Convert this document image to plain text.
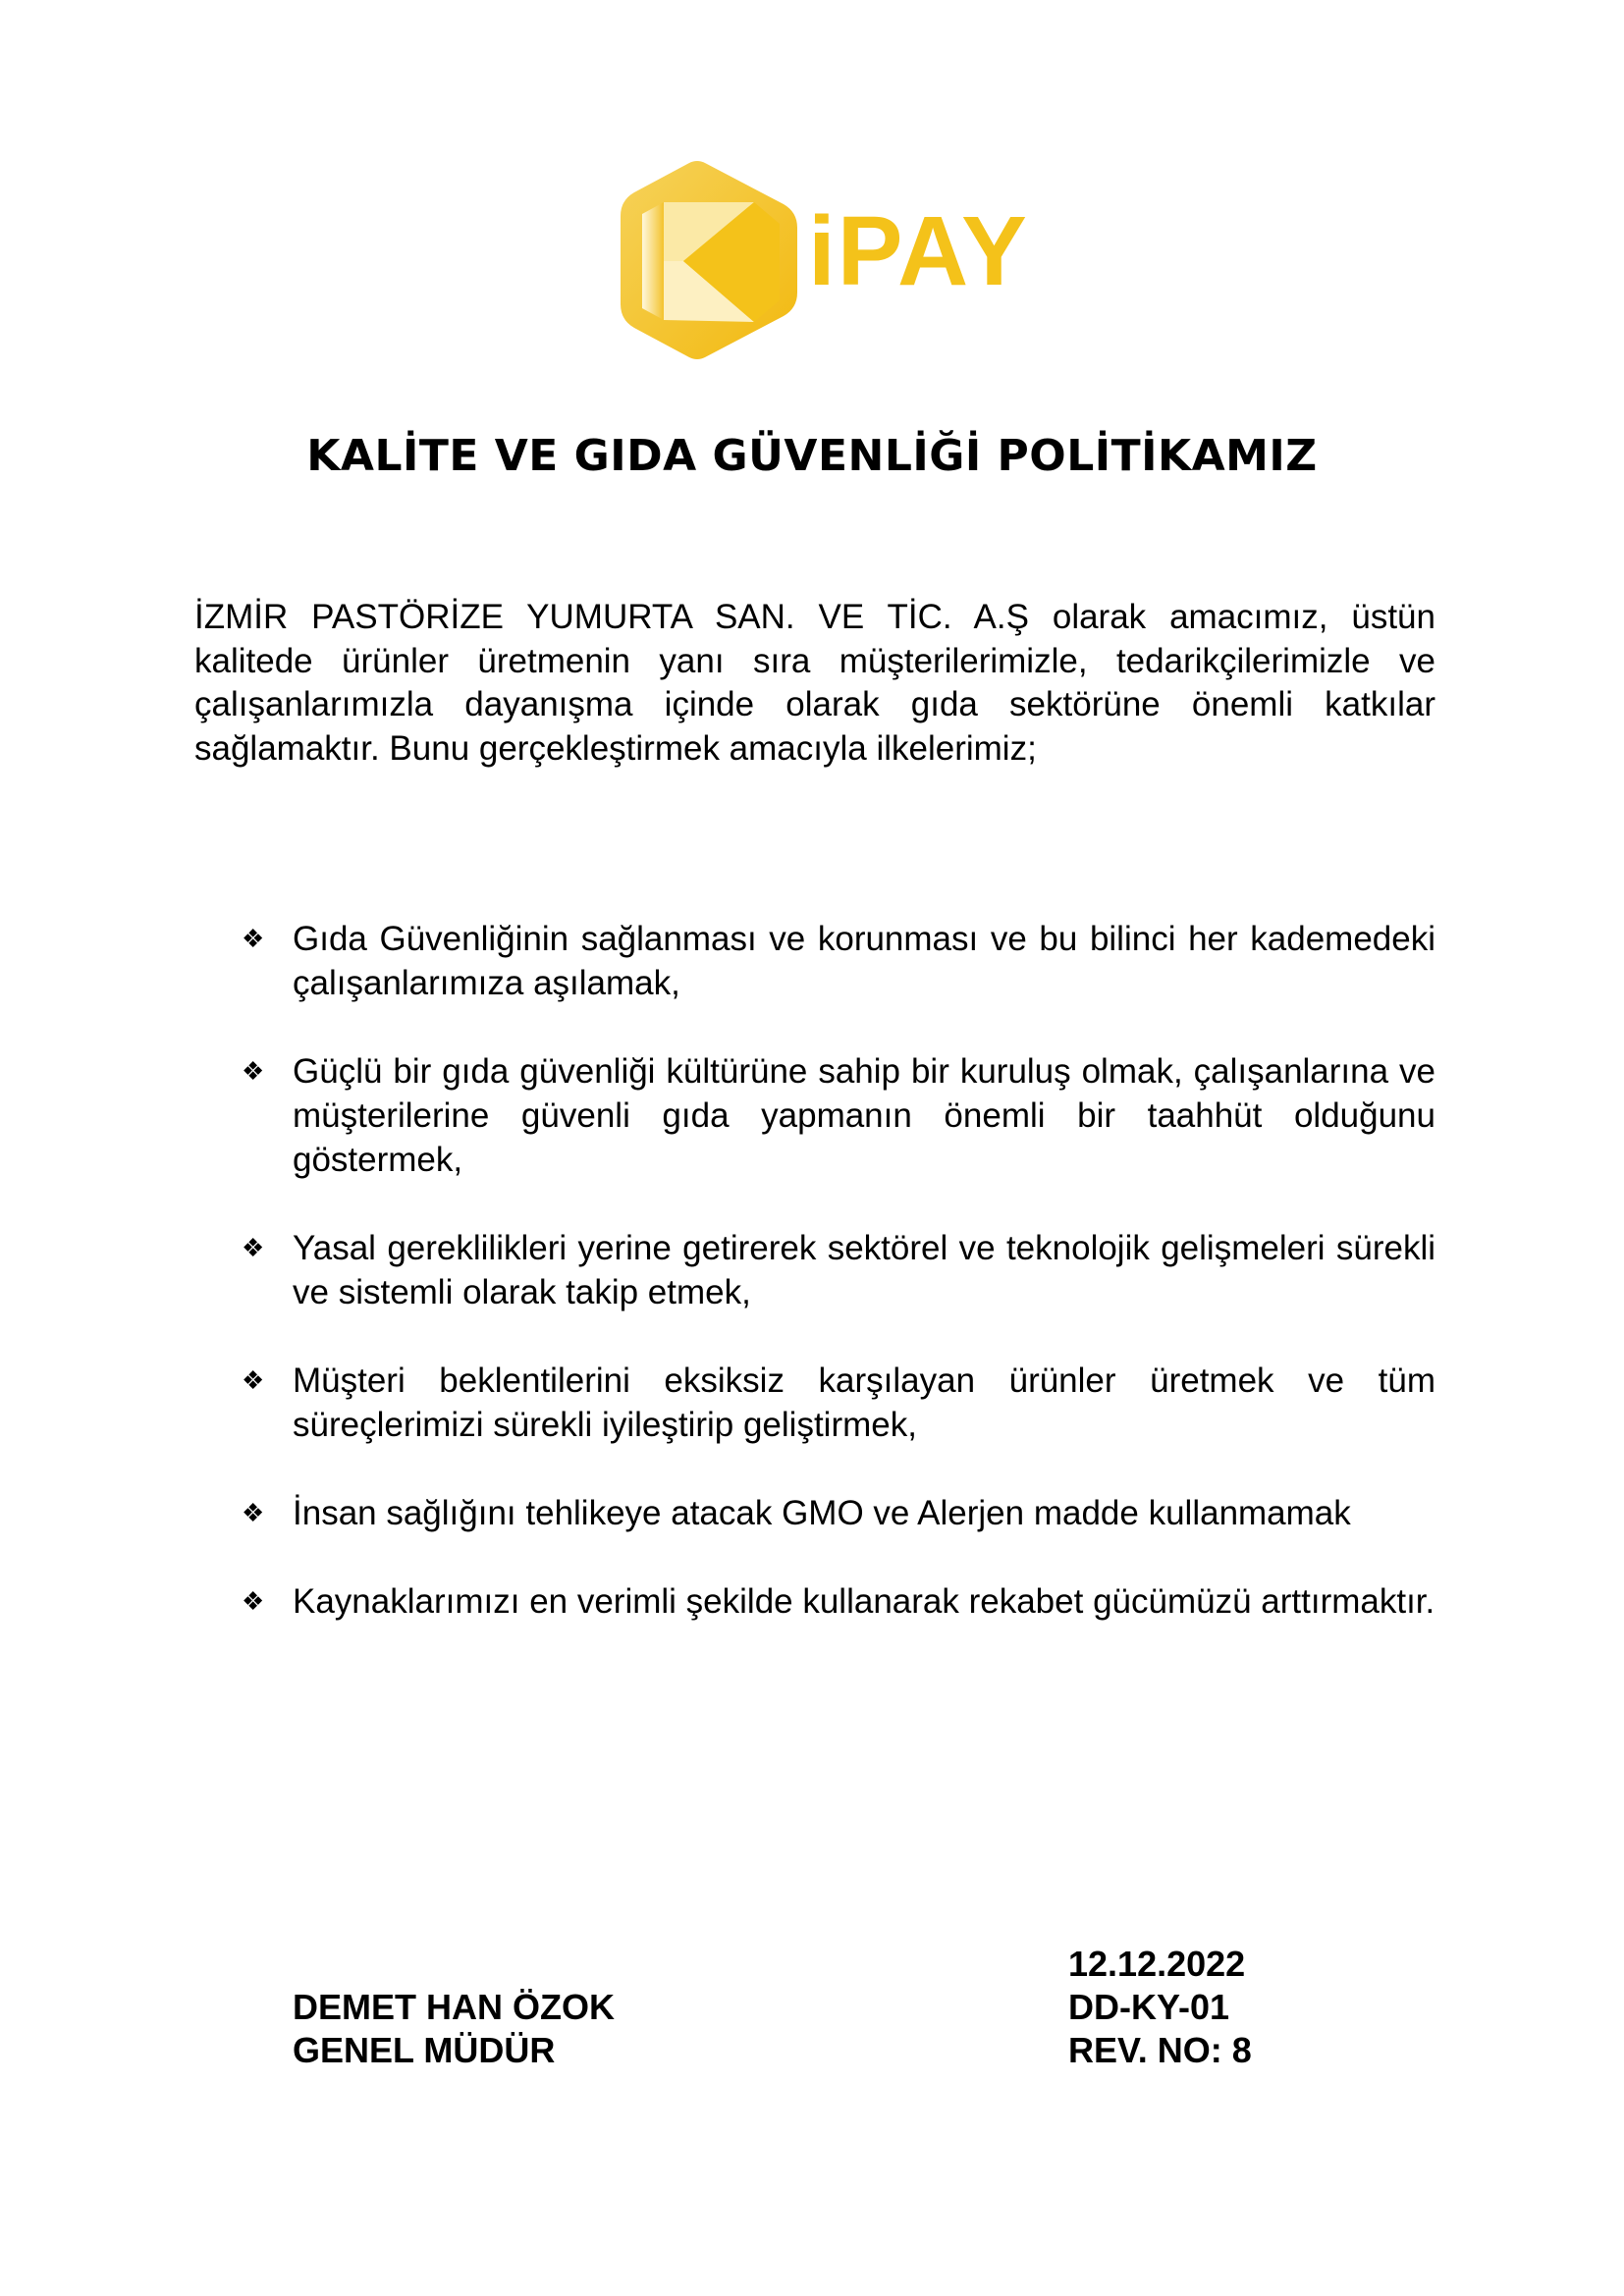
iPAY
KALİTE VE GIDA GÜVENLİĞİ POLİTİKAMIZ

İZMİR PASTÖRİZE YUMURTA SAN. VE TİC. A.Ş olarak amacımız, üstün kalitede ürünler üretmenin yanı sıra müşterilerimizle, tedarikçilerimizle ve çalışanlarımızla dayanışma içinde olarak gıda sektörüne önemli katkılar sağlamaktır. Bunu gerçekleştirmek amacıyla ilkelerimiz;

❖ Gıda Güvenliğinin sağlanması ve korunması ve bu bilinci her kademedeki çalışanlarımıza aşılamak,
❖ Güçlü bir gıda güvenliği kültürüne sahip bir kuruluş olmak, çalışanlarına ve müşterilerine güvenli gıda yapmanın önemli bir taahhüt olduğunu göstermek,
❖ Yasal gereklilikleri yerine getirerek sektörel ve teknolojik gelişmeleri sürekli ve sistemli olarak takip etmek,
❖ Müşteri beklentilerini eksiksiz karşılayan ürünler üretmek ve tüm süreçlerimizi sürekli iyileştirip geliştirmek,
❖ İnsan sağlığını tehlikeye atacak GMO ve Alerjen madde kullanmamak
❖ Kaynaklarımızı en verimli şekilde kullanarak rekabet gücümüzü arttırmaktır.
DEMET HAN ÖZOK
GENEL MÜDÜR
12.12.2022
DD-KY-01
REV. NO: 8
